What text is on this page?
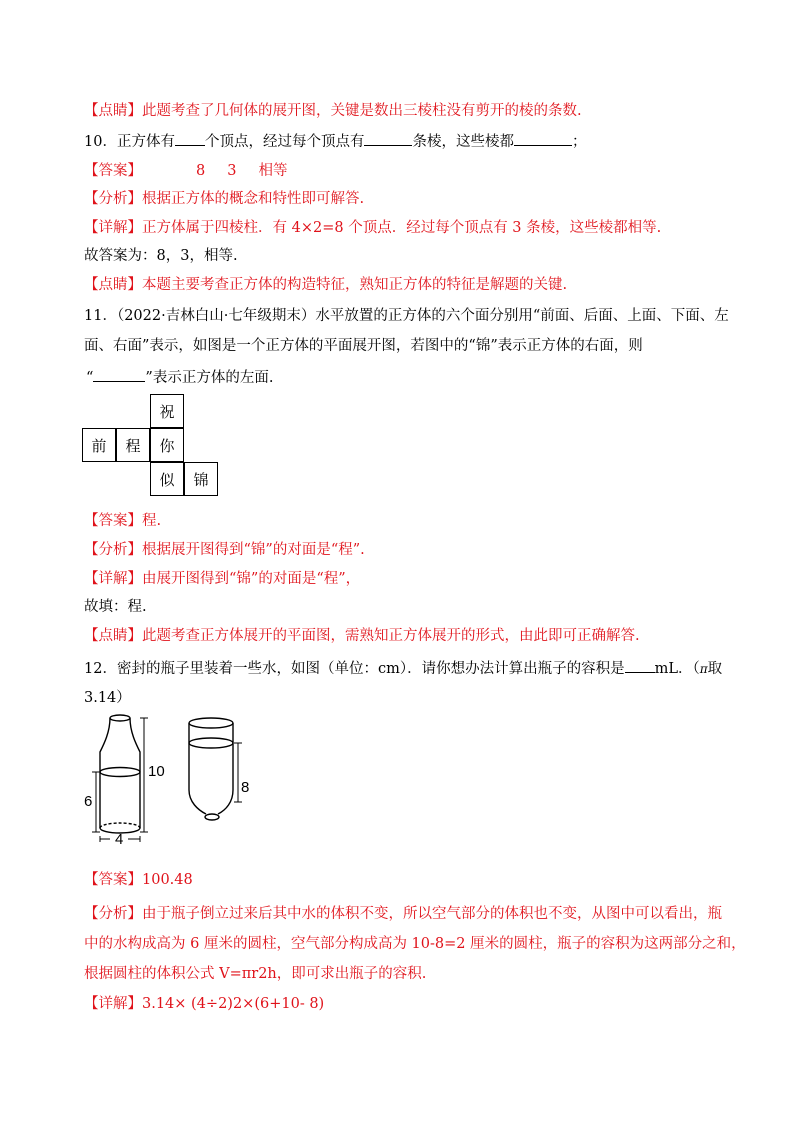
【点睛】此题考查了几何体的展开图，关键是数出三棱柱没有剪开的棱的条数.
10．正方体有 个顶点，经过每个顶点有	条棱，这些棱都	；
【答案】	8 3 相等
【分析】根据正方体的概念和特性即可解答.
【详解】正方体属于四棱柱．有 4×2=8 个顶点．经过每个顶点有 3 条棱，这些棱都相等.
故答案为：8，3，相等.
【点睛】本题主要考查正方体的构造特征，熟知正方体的特征是解题的关键.
11．（2022·吉林白山·七年级期末）水平放置的正方体的六个面分别用“前面、后面、上面、下面、左
面、右面”表示，如图是一个正方体的平面展开图，若图中的“锦”表示正方体的右面，则
“	”表示正方体的左面.
祝
前	程	你
似	锦
【答案】程.
【分析】根据展开图得到“锦”的对面是“程”.
【详解】由展开图得到“锦”的对面是“程”，
故填：程.
【点睛】此题考查正方体展开的平面图，需熟知正方体展开的形式，由此即可正确解答.
12．密封的瓶子里装着一些水，如图（单位：cm）．请你想办法计算出瓶子的容积是 mL．（π取
3.14）
10
6
4
8
【答案】100.48
【分析】由于瓶子倒立过来后其中水的体积不变，所以空气部分的体积也不变，从图中可以看出，瓶
中的水构成高为 6 厘米的圆柱，空气部分构成高为 10-8=2 厘米的圆柱，瓶子的容积为这两部分之和，
根据圆柱的体积公式 V=πr2h，即可求出瓶子的容积.
【详解】3.14× (4÷2)2×(6+10- 8)
